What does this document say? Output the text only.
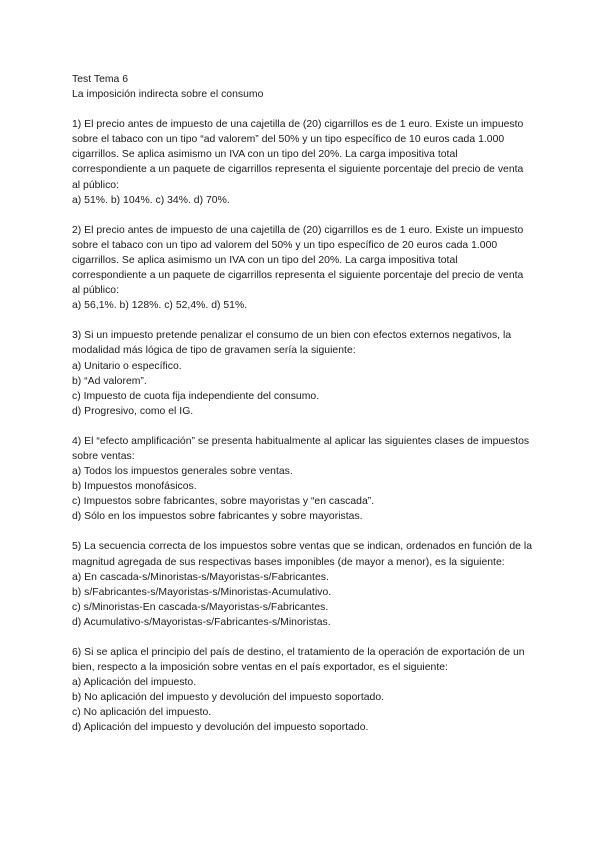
Test Tema 6

La imposición indirecta sobre el consumo

1) El precio antes de impuesto de una cajetilla de (20) cigarrillos es de 1 euro. Existe un impuesto sobre el tabaco con un tipo “ad valorem” del 50% y un tipo específico de 10 euros cada 1.000 cigarrillos. Se aplica asimismo un IVA con un tipo del 20%. La carga impositiva total correspondiente a un paquete de cigarrillos representa el siguiente porcentaje del precio de venta al público:

a) 51%. b) 104%. c) 34%. d) 70%.

2) El precio antes de impuesto de una cajetilla de (20) cigarrillos es de 1 euro. Existe un impuesto sobre el tabaco con un tipo ad valorem del 50% y un tipo específico de 20 euros cada 1.000 cigarrillos. Se aplica asimismo un IVA con un tipo del 20%. La carga impositiva total correspondiente a un paquete de cigarrillos representa el siguiente porcentaje del precio de venta al público:

a) 56,1%. b) 128%. c) 52,4%. d) 51%.

3) Si un impuesto pretende penalizar el consumo de un bien con efectos externos negativos, la modalidad más lógica de tipo de gravamen sería la siguiente:

a) Unitario o específico.
b) “Ad valorem”.
c) Impuesto de cuota fija independiente del consumo.
d) Progresivo, como el IG.

4) El “efecto amplificación” se presenta habitualmente al aplicar las siguientes clases de impuestos sobre ventas:

a) Todos los impuestos generales sobre ventas.
b) Impuestos monofásicos.
c) Impuestos sobre fabricantes, sobre mayoristas y “en cascada”.
d) Sólo en los impuestos sobre fabricantes y sobre mayoristas.

5) La secuencia correcta de los impuestos sobre ventas que se indican, ordenados en función de la magnitud agregada de sus respectivas bases imponibles (de mayor a menor), es la siguiente:

a) En cascada-s/Minoristas-s/Mayoristas-s/Fabricantes.
b) s/Fabricantes-s/Mayoristas-s/Minoristas-Acumulativo.
c) s/Minoristas-En cascada-s/Mayoristas-s/Fabricantes.
d) Acumulativo-s/Mayoristas-s/Fabricantes-s/Minoristas.

6) Si se aplica el principio del país de destino, el tratamiento de la operación de exportación de un bien, respecto a la imposición sobre ventas en el país exportador, es el siguiente:

a) Aplicación del impuesto.
b) No aplicación del impuesto y devolución del impuesto soportado.
c) No aplicación del impuesto.
d) Aplicación del impuesto y devolución del impuesto soportado.
